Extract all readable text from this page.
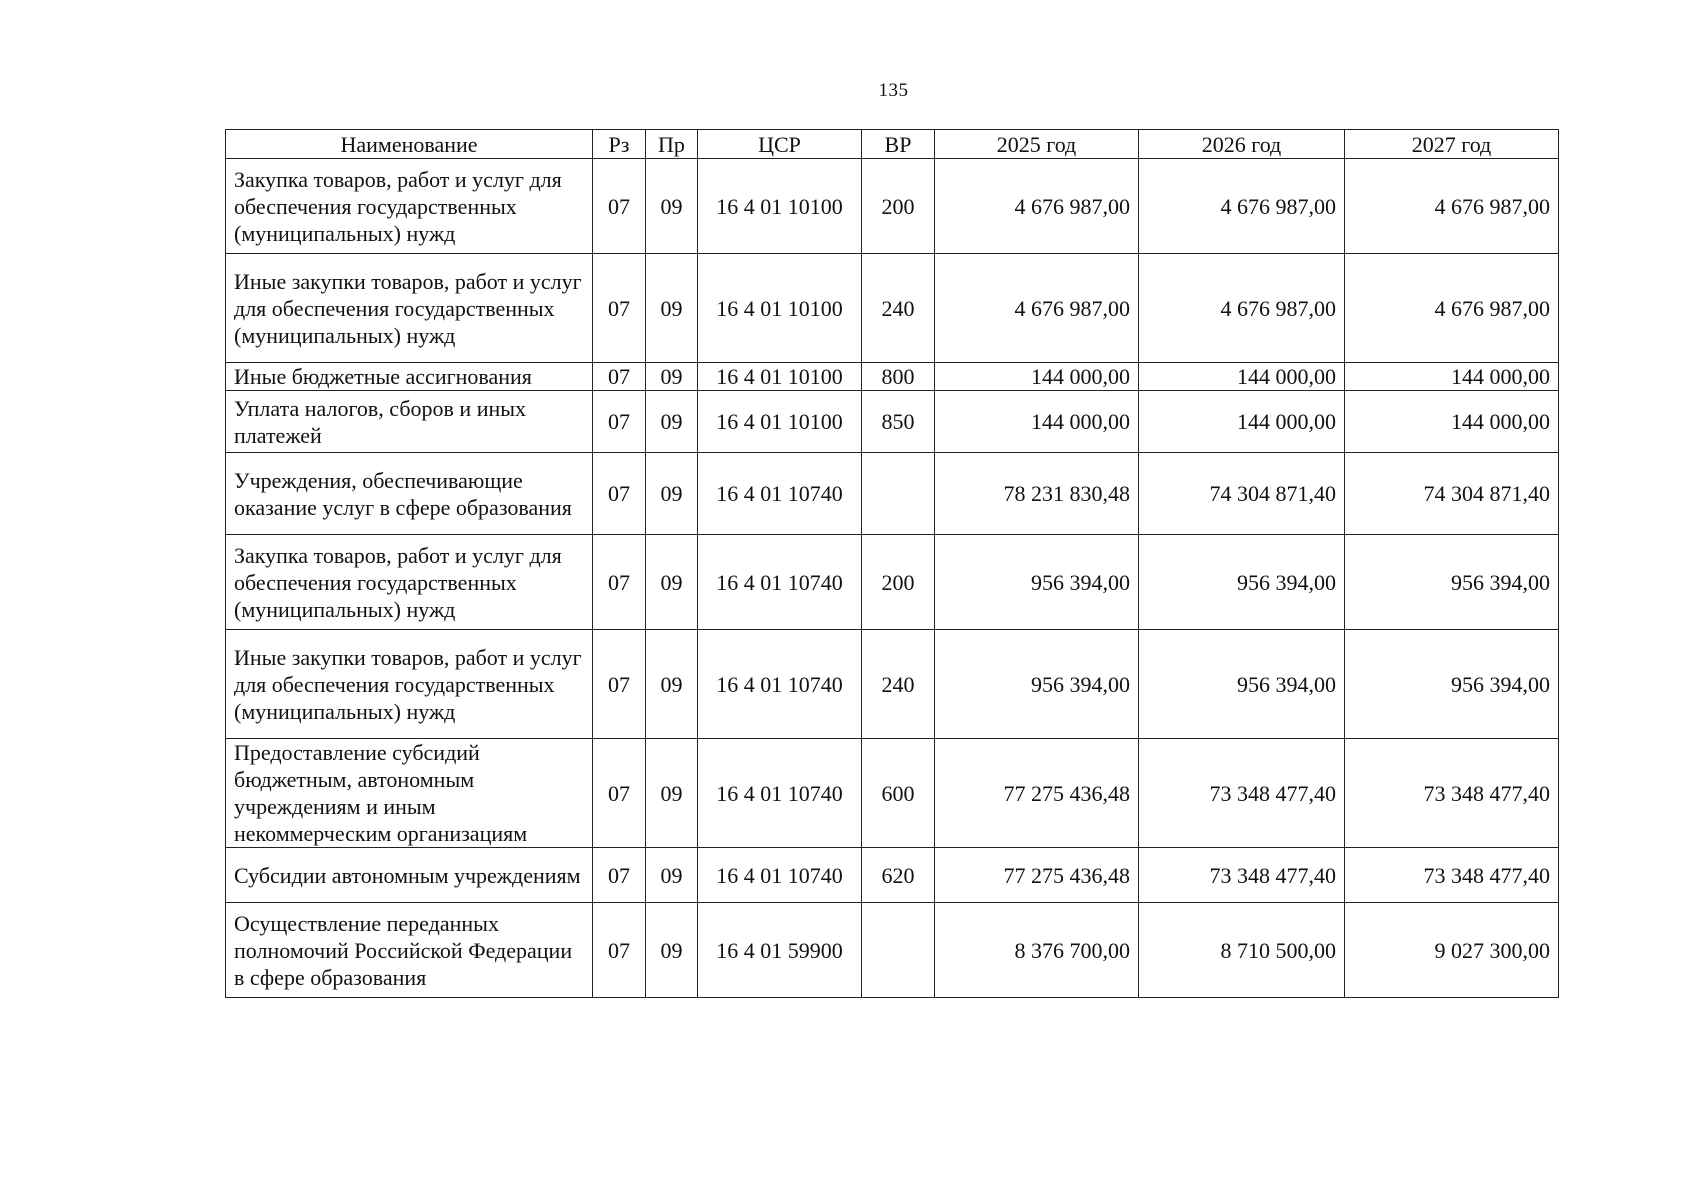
135
Наименование	Рз	Пр	ЦСР	ВР	2025 год	2026 год	2027 год
Закупка товаров, работ и услуг для обеспечения государственных (муниципальных) нужд	07	09	16 4 01 10100	200	4 676 987,00	4 676 987,00	4 676 987,00
Иные закупки товаров, работ и услуг для обеспечения государственных (муниципальных) нужд	07	09	16 4 01 10100	240	4 676 987,00	4 676 987,00	4 676 987,00
Иные бюджетные ассигнования	07	09	16 4 01 10100	800	144 000,00	144 000,00	144 000,00
Уплата налогов, сборов и иных платежей	07	09	16 4 01 10100	850	144 000,00	144 000,00	144 000,00
Учреждения, обеспечивающие оказание услуг в сфере образования	07	09	16 4 01 10740		78 231 830,48	74 304 871,40	74 304 871,40
Закупка товаров, работ и услуг для обеспечения государственных (муниципальных) нужд	07	09	16 4 01 10740	200	956 394,00	956 394,00	956 394,00
Иные закупки товаров, работ и услуг для обеспечения государственных (муниципальных) нужд	07	09	16 4 01 10740	240	956 394,00	956 394,00	956 394,00
Предоставление субсидий бюджетным, автономным учреждениям и иным некоммерческим организациям	07	09	16 4 01 10740	600	77 275 436,48	73 348 477,40	73 348 477,40
Субсидии автономным учреждениям	07	09	16 4 01 10740	620	77 275 436,48	73 348 477,40	73 348 477,40
Осуществление переданных полномочий Российской Федерации в сфере образования	07	09	16 4 01 59900		8 376 700,00	8 710 500,00	9 027 300,00
